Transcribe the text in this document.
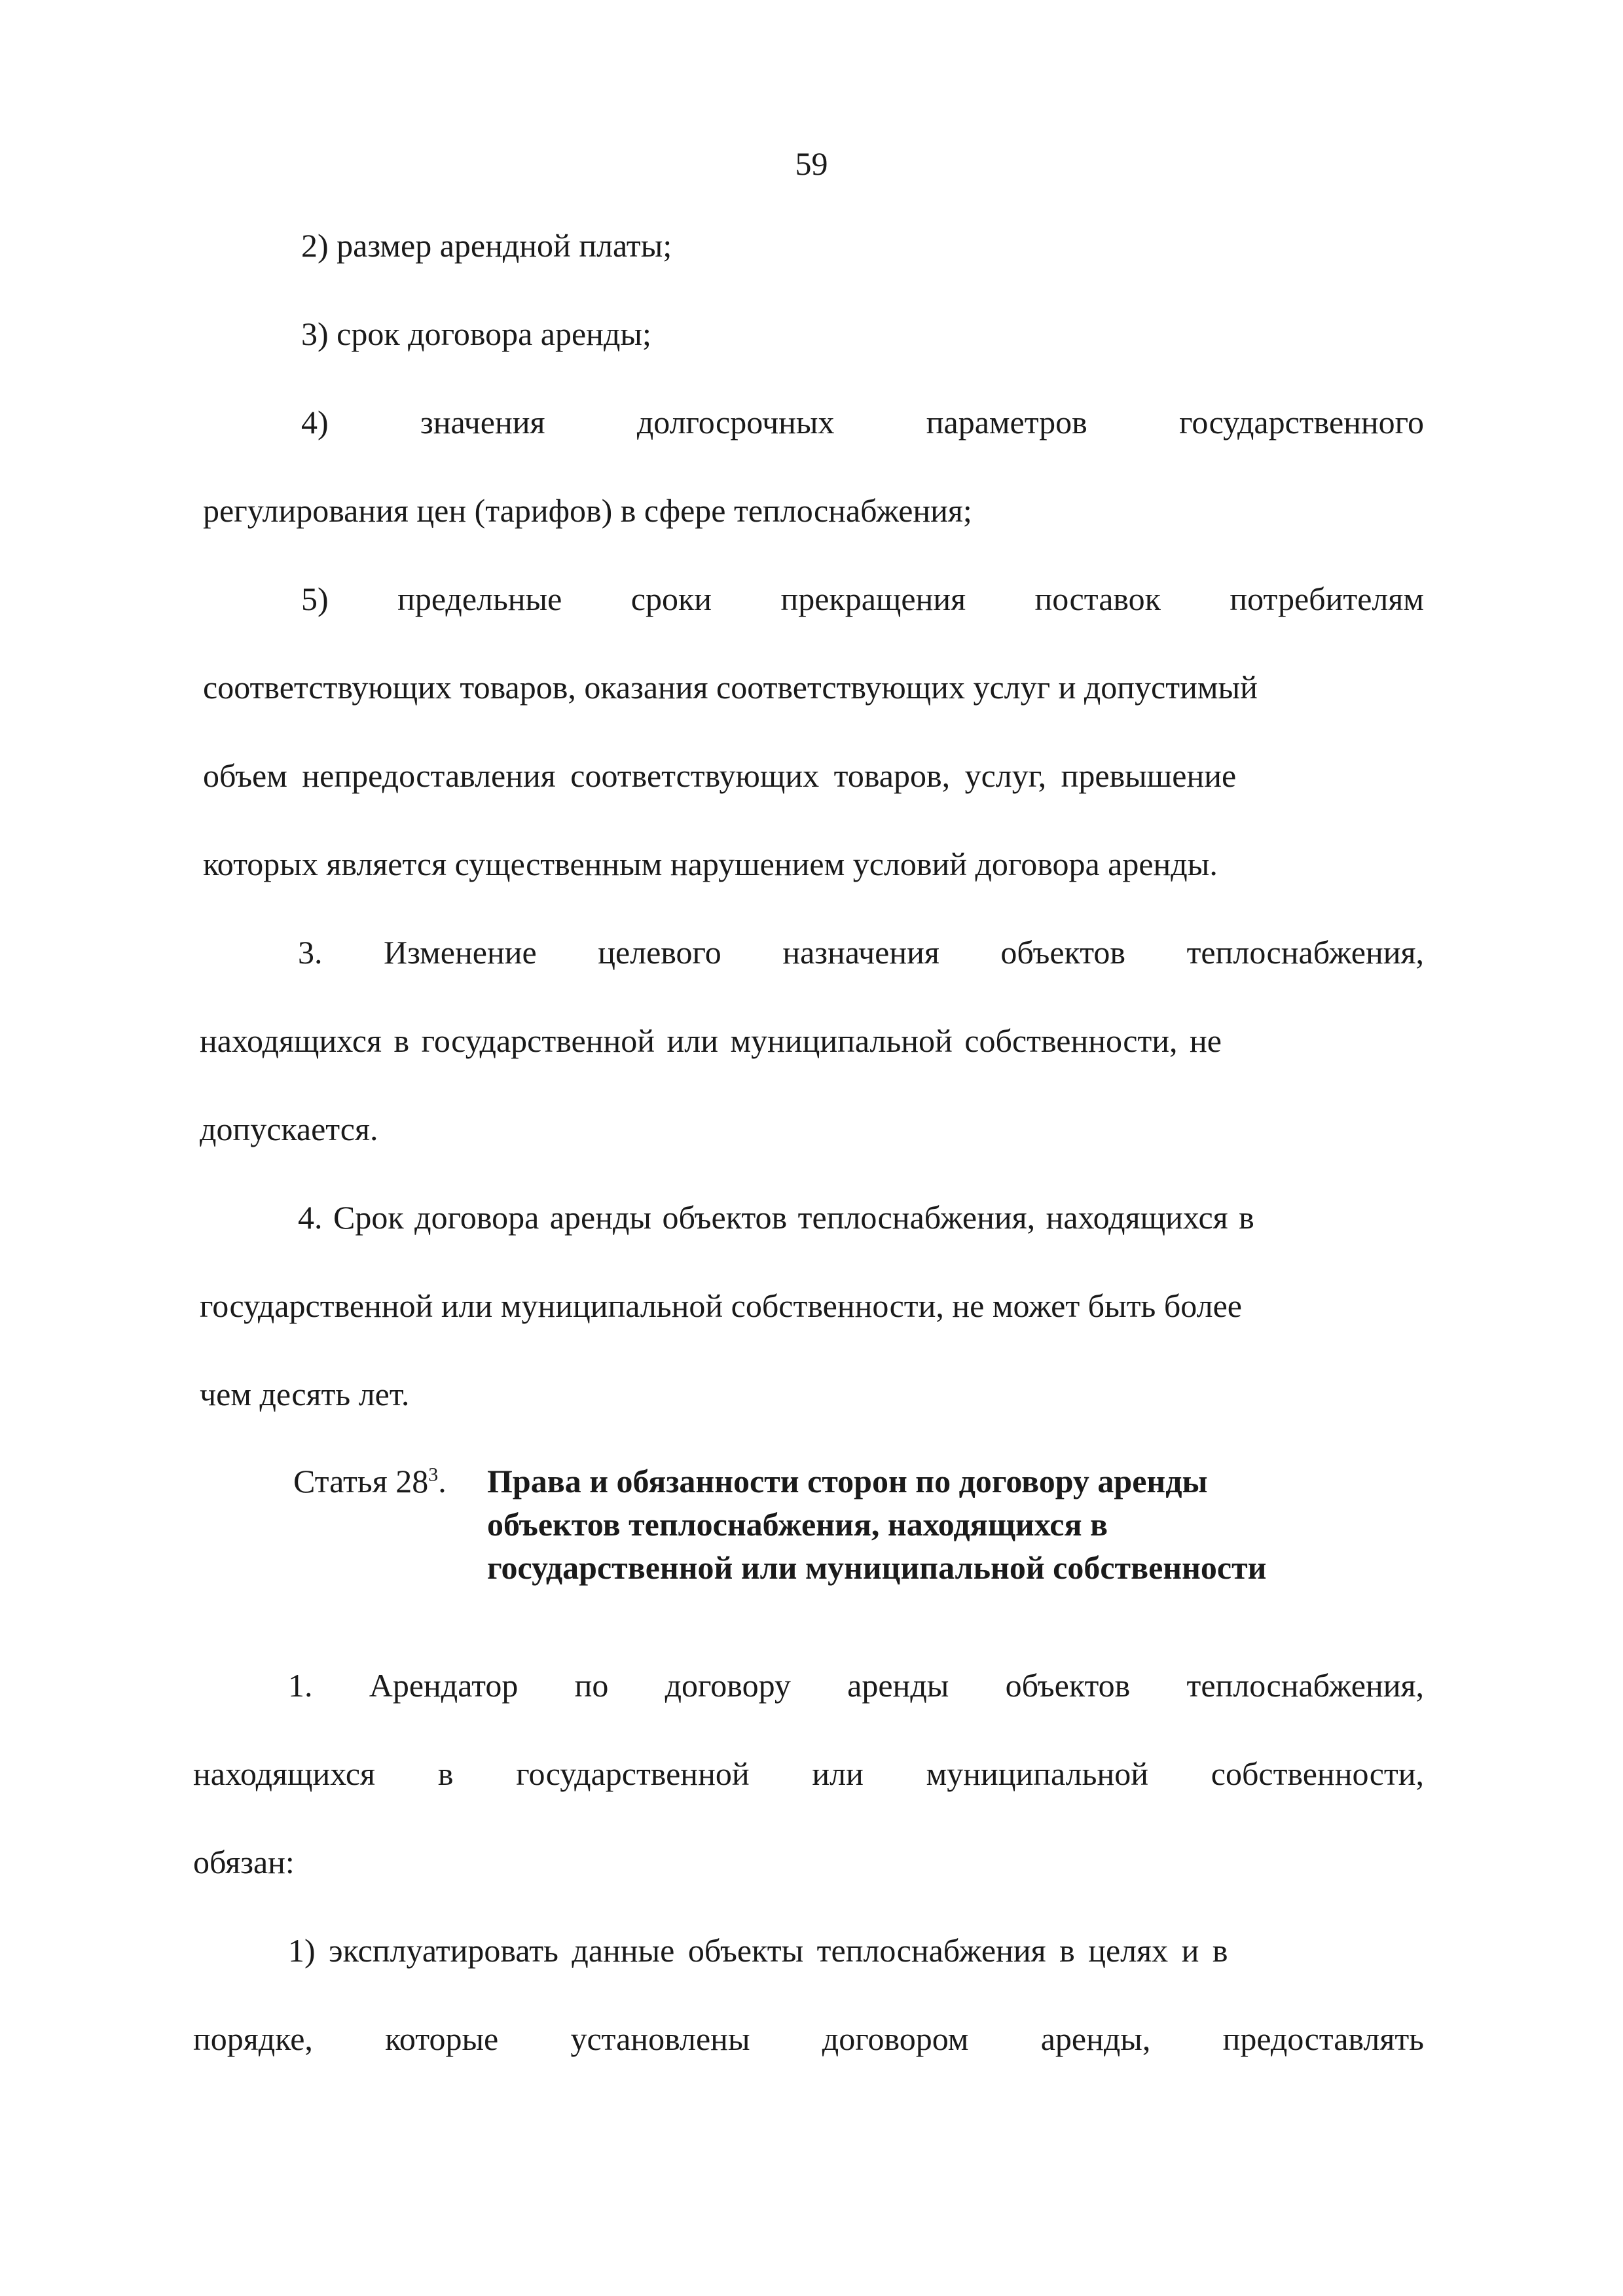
59
2) размер арендной платы;
3) срок договора аренды;
4)	значения	долгосрочных	параметров	государственного
регулирования цен (тарифов) в сфере теплоснабжения;
5) предельные сроки прекращения поставок потребителям
соответствующих товаров, оказания соответствующих услуг и допустимый
объем непредоставления соответствующих товаров, услуг, превышение
которых является существенным нарушением условий договора аренды.
3. Изменение целевого назначения объектов теплоснабжения,
находящихся в государственной или муниципальной собственности, не
допускается.
4. Срок договора аренды объектов теплоснабжения, находящихся в
государственной или муниципальной собственности, не может быть более
чем десять лет.
Статья $28^3$. Права и обязанности сторон по договору аренды
объектов теплоснабжения, находящихся в
государственной или муниципальной собственности
1. Арендатор по договору аренды объектов теплоснабжения,
находящихся в государственной или муниципальной собственности,
обязан:
1) эксплуатировать данные объекты теплоснабжения в целях и в
порядке, которые установлены договором аренды, предоставлять
